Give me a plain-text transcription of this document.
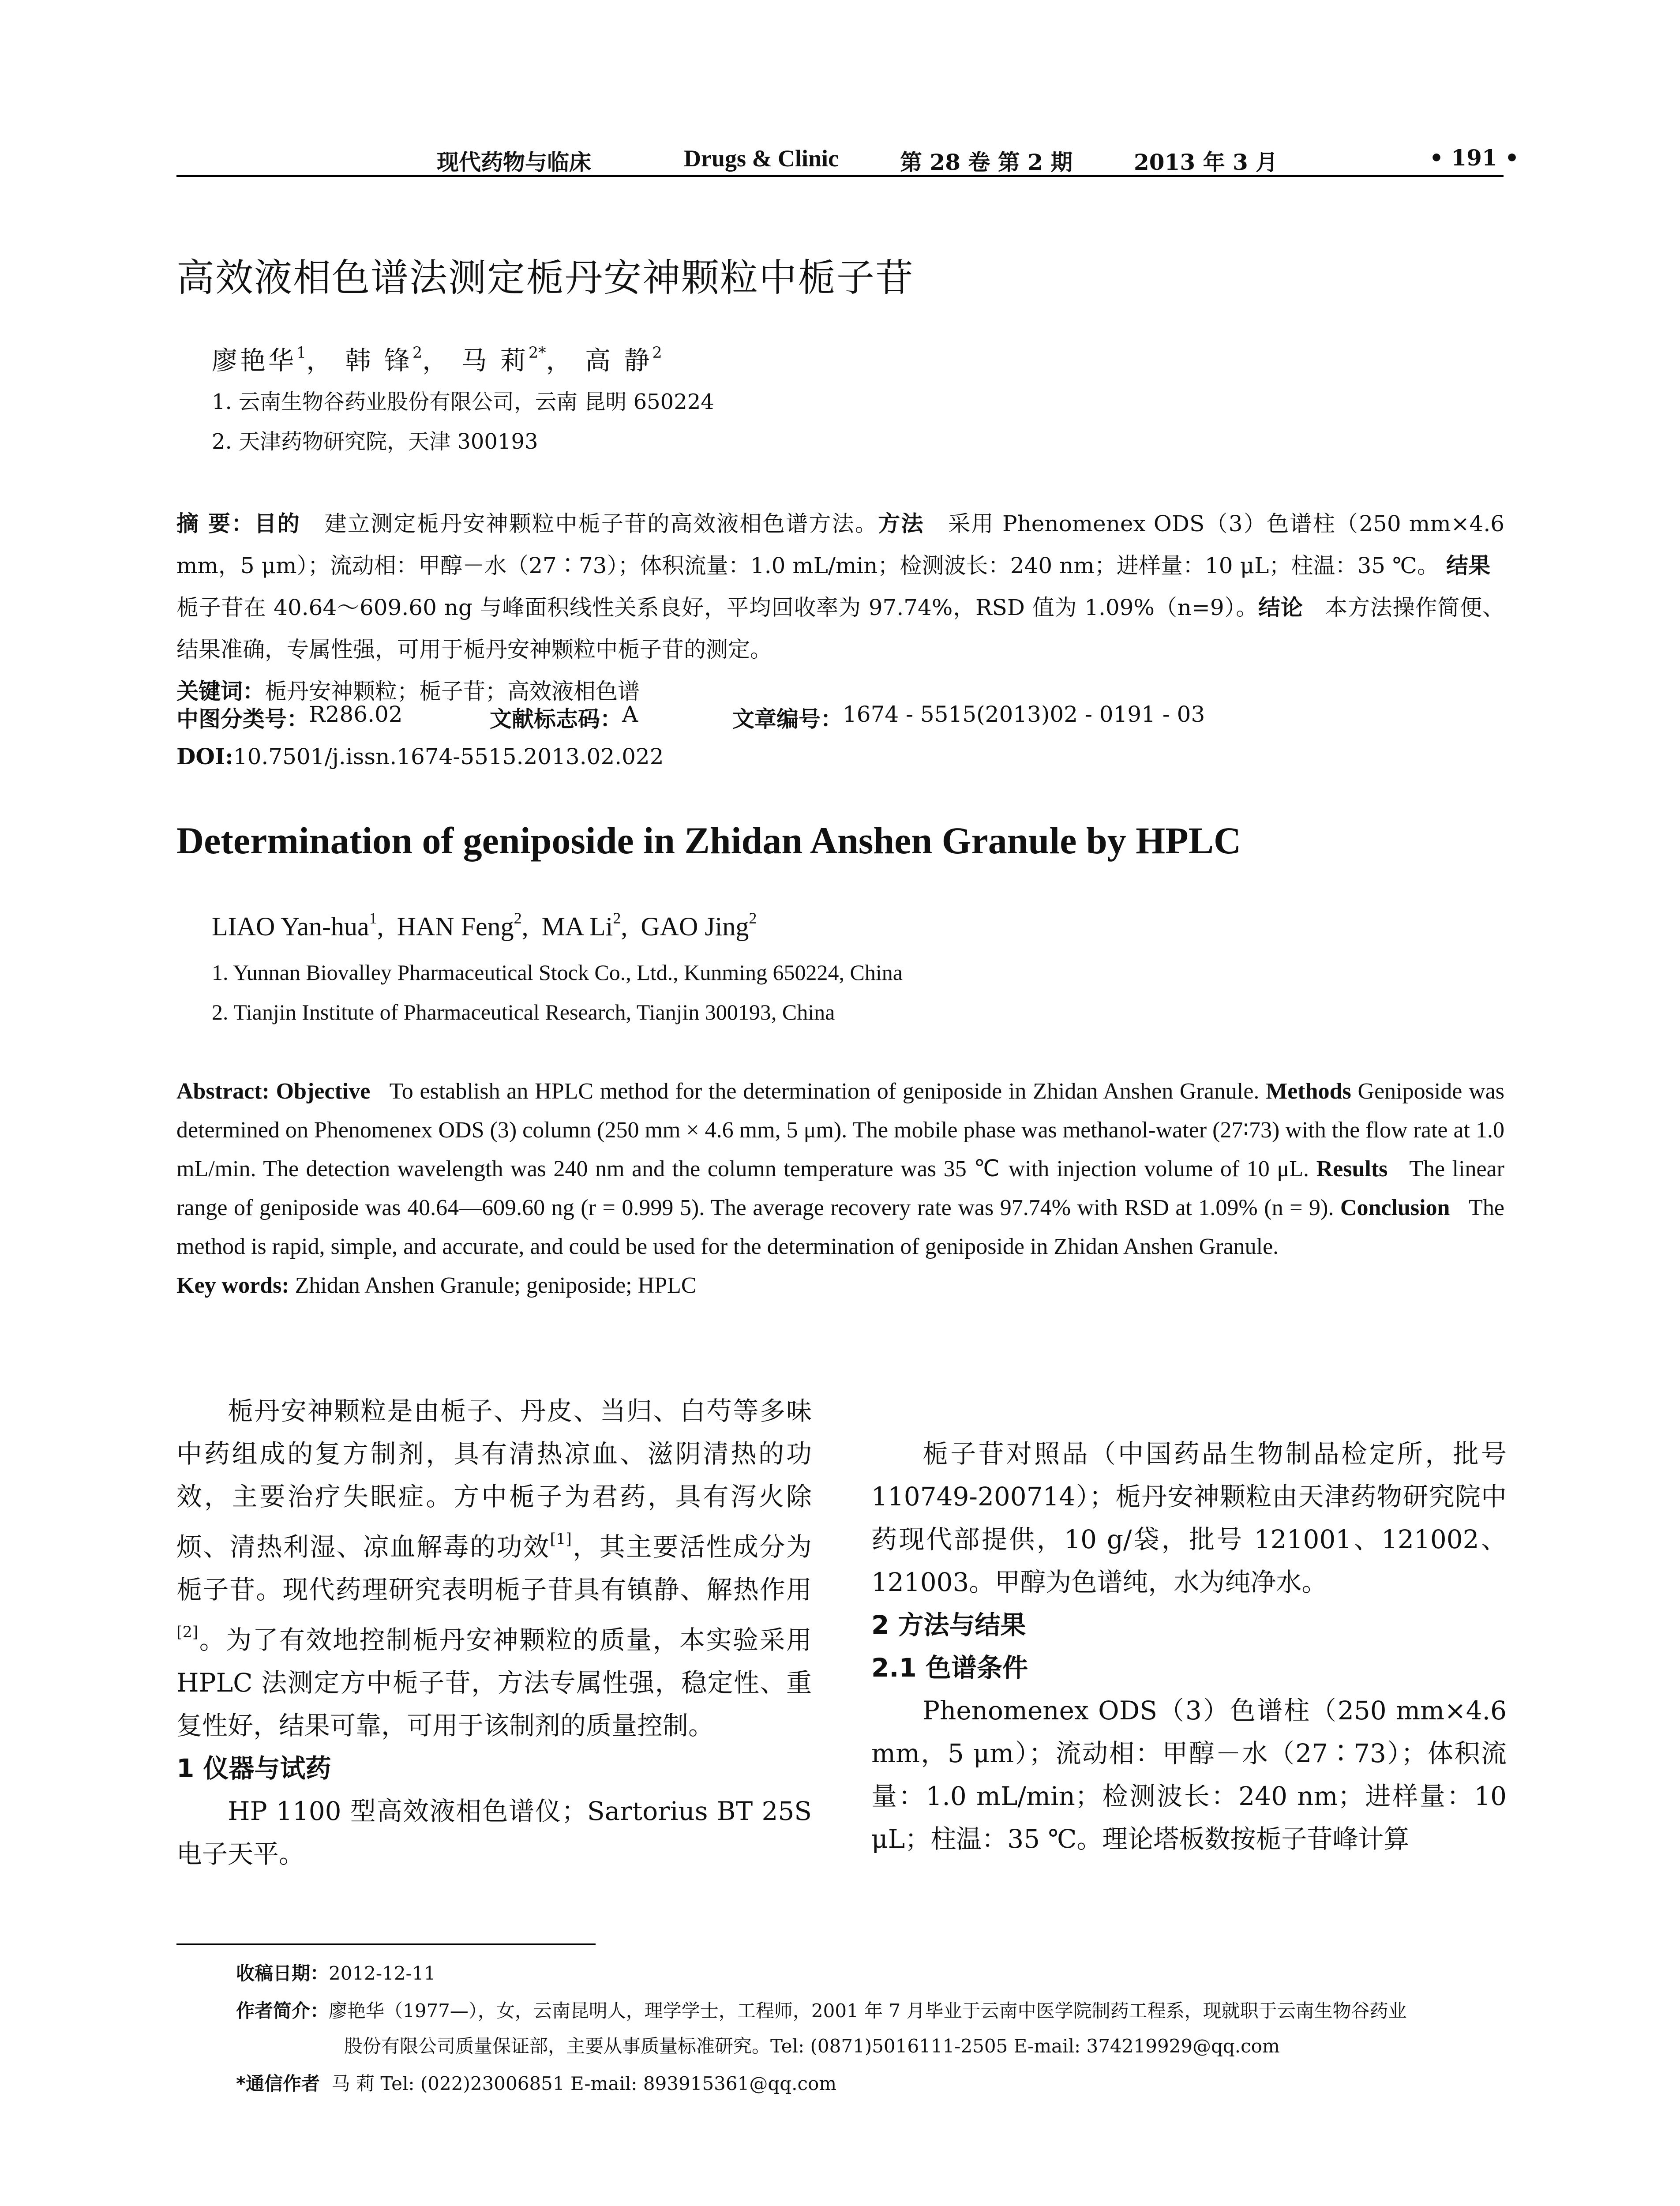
现代药物与临床	Drugs & Clinic	第 28 卷 第 2 期	2013 年 3 月	• 191 •
高效液相色谱法测定栀丹安神颗粒中栀子苷
廖艳华$^1$， 韩 锋$^2$， 马 莉$^{2*}$， 高 静$^2$
1. 云南生物谷药业股份有限公司，云南 昆明 650224
2. 天津药物研究院，天津 300193
摘 要：目的 建立测定栀丹安神颗粒中栀子苷的高效液相色谱方法。方法 采用 Phenomenex ODS（3）色谱柱（250 mm×4.6 mm，5 μm）；流动相：甲醇－水（27∶73）；体积流量：1.0 mL/min；检测波长：240 nm；进样量：10 μL；柱温：35 ℃。 结果   栀子苷在 40.64～609.60 ng 与峰面积线性关系良好，平均回收率为 97.74%，RSD 值为 1.09%（n=9）。结论 本方法操作简便、结果准确，专属性强，可用于栀丹安神颗粒中栀子苷的测定。
关键词：栀丹安神颗粒；栀子苷；高效液相色谱
中图分类号： R286.02	文献标志码： A	文章编号： 1674 - 5515(2013)02 - 0191 - 03
DOI:10.7501/j.issn.1674-5515.2013.02.022
Determination of geniposide in Zhidan Anshen Granule by HPLC
LIAO Yan-hua$^1$,  HAN Feng$^2$,  MA Li$^2$,  GAO Jing$^2$
1. Yunnan Biovalley Pharmaceutical Stock Co., Ltd., Kunming 650224, China
2. Tianjin Institute of Pharmaceutical Research, Tianjin 300193, China
Abstract: Objective To establish an HPLC method for the determination of geniposide in Zhidan Anshen Granule. Methods Geniposide was determined on Phenomenex ODS (3) column (250 mm × 4.6 mm, 5 μm). The mobile phase was methanol-water (27∶73) with the flow rate at 1.0 mL/min. The detection wavelength was 240 nm and the column temperature was 35 ℃ with injection volume of 10 μL. Results The linear range of geniposide was 40.64—609.60 ng (r = 0.999 5). The average recovery rate was 97.74% with RSD at 1.09% (n = 9). Conclusion The method is rapid, simple, and accurate, and could be used for the determination of geniposide in Zhidan Anshen Granule.
Key words: Zhidan Anshen Granule; geniposide; HPLC

栀丹安神颗粒是由栀子、丹皮、当归、白芍等多味中药组成的复方制剂，具有清热凉血、滋阴清热的功效，主要治疗失眠症。方中栀子为君药，具有泻火除烦、清热利湿、凉血解毒的功效[1]，其主要活性成分为栀子苷。现代药理研究表明栀子苷具有镇静、解热作用[2]。为了有效地控制栀丹安神颗粒的质量，本实验采用 HPLC 法测定方中栀子苷，方法专属性强，稳定性、重复性好，结果可靠，可用于该制剂的质量控制。

1 仪器与试药

HP 1100 型高效液相色谱仪；Sartorius BT 25S 电子天平。

栀子苷对照品（中国药品生物制品检定所，批号 110749-200714）；栀丹安神颗粒由天津药物研究院中药现代部提供，10 g/袋，批号 121001、121002、121003。甲醇为色谱纯，水为纯净水。

2 方法与结果

2.1 色谱条件

Phenomenex ODS（3）色谱柱（250 mm×4.6 mm，5 μm）；流动相：甲醇－水（27∶73）；体积流量：1.0 mL/min；检测波长：240 nm；进样量：10 μL；柱温：35 ℃。理论塔板数按栀子苷峰计算

收稿日期：2012-12-11
作者简介：廖艳华（1977—），女，云南昆明人，理学学士，工程师，2001 年 7 月毕业于云南中医学院制药工程系，现就职于云南生物谷药业
股份有限公司质量保证部，主要从事质量标准研究。Tel: (0871)5016111-2505 E-mail: 374219929@qq.com
*通信作者 马 莉 Tel: (022)23006851 E-mail: 893915361@qq.com
